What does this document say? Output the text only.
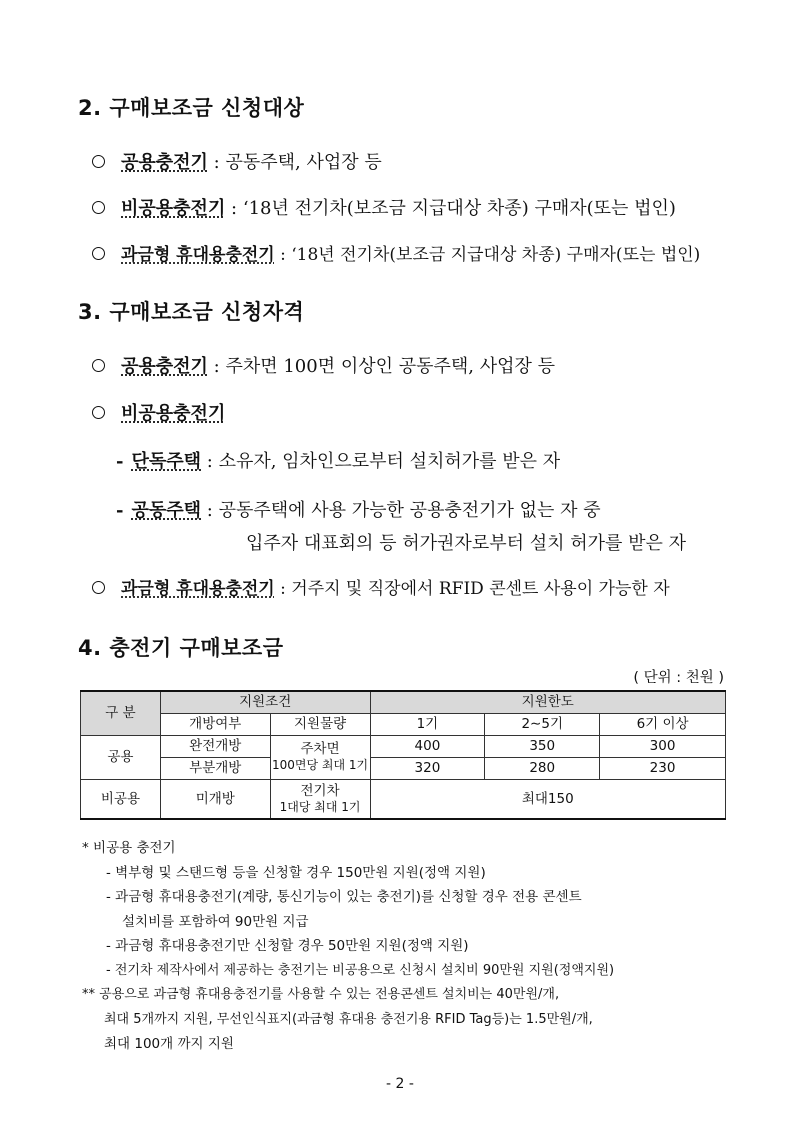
2. 구매보조금 신청대상
공용충전기 : 공동주택, 사업장 등
비공용충전기 : ‘18년 전기차(보조금 지급대상 차종) 구매자(또는 법인)
과금형 휴대용충전기 : ‘18년 전기차(보조금 지급대상 차종) 구매자(또는 법인)
3. 구매보조금 신청자격
공용충전기 : 주차면 100면 이상인 공동주택, 사업장 등
비공용충전기
- 단독주택 : 소유자, 임차인으로부터 설치허가를 받은 자
- 공동주택 : 공동주택에 사용 가능한 공용충전기가 없는 자 중
입주자 대표회의 등 허가권자로부터 설치 허가를 받은 자
과금형 휴대용충전기 : 거주지 및 직장에서 RFID 콘센트 사용이 가능한 자
4. 충전기 구매보조금
( 단위 : 천원 )
구 분	지원조건		지원한도		
	개방여부	지원물량	1기	2∼5기	6기 이상
공용	완전개방	주차면
100면당 최대 1기	400	350	300
	부분개방		320	280	230
비공용	미개방	전기차
1대당 최대 1기	최대150		
* 비공용 충전기
- 벽부형 및 스탠드형 등을 신청할 경우 150만원 지원(정액 지원)
- 과금형 휴대용충전기(계량, 통신기능이 있는 충전기)를 신청할 경우 전용 콘센트
설치비를 포함하여 90만원 지급
- 과금형 휴대용충전기만 신청할 경우 50만원 지원(정액 지원)
- 전기차 제작사에서 제공하는 충전기는 비공용으로 신청시 설치비 90만원 지원(정액지원)
** 공용으로 과금형 휴대용충전기를 사용할 수 있는 전용콘센트 설치비는 40만원/개,
최대 5개까지 지원, 무선인식표지(과금형 휴대용 충전기용 RFID Tag등)는 1.5만원/개,
최대 100개 까지 지원
- 2 -
